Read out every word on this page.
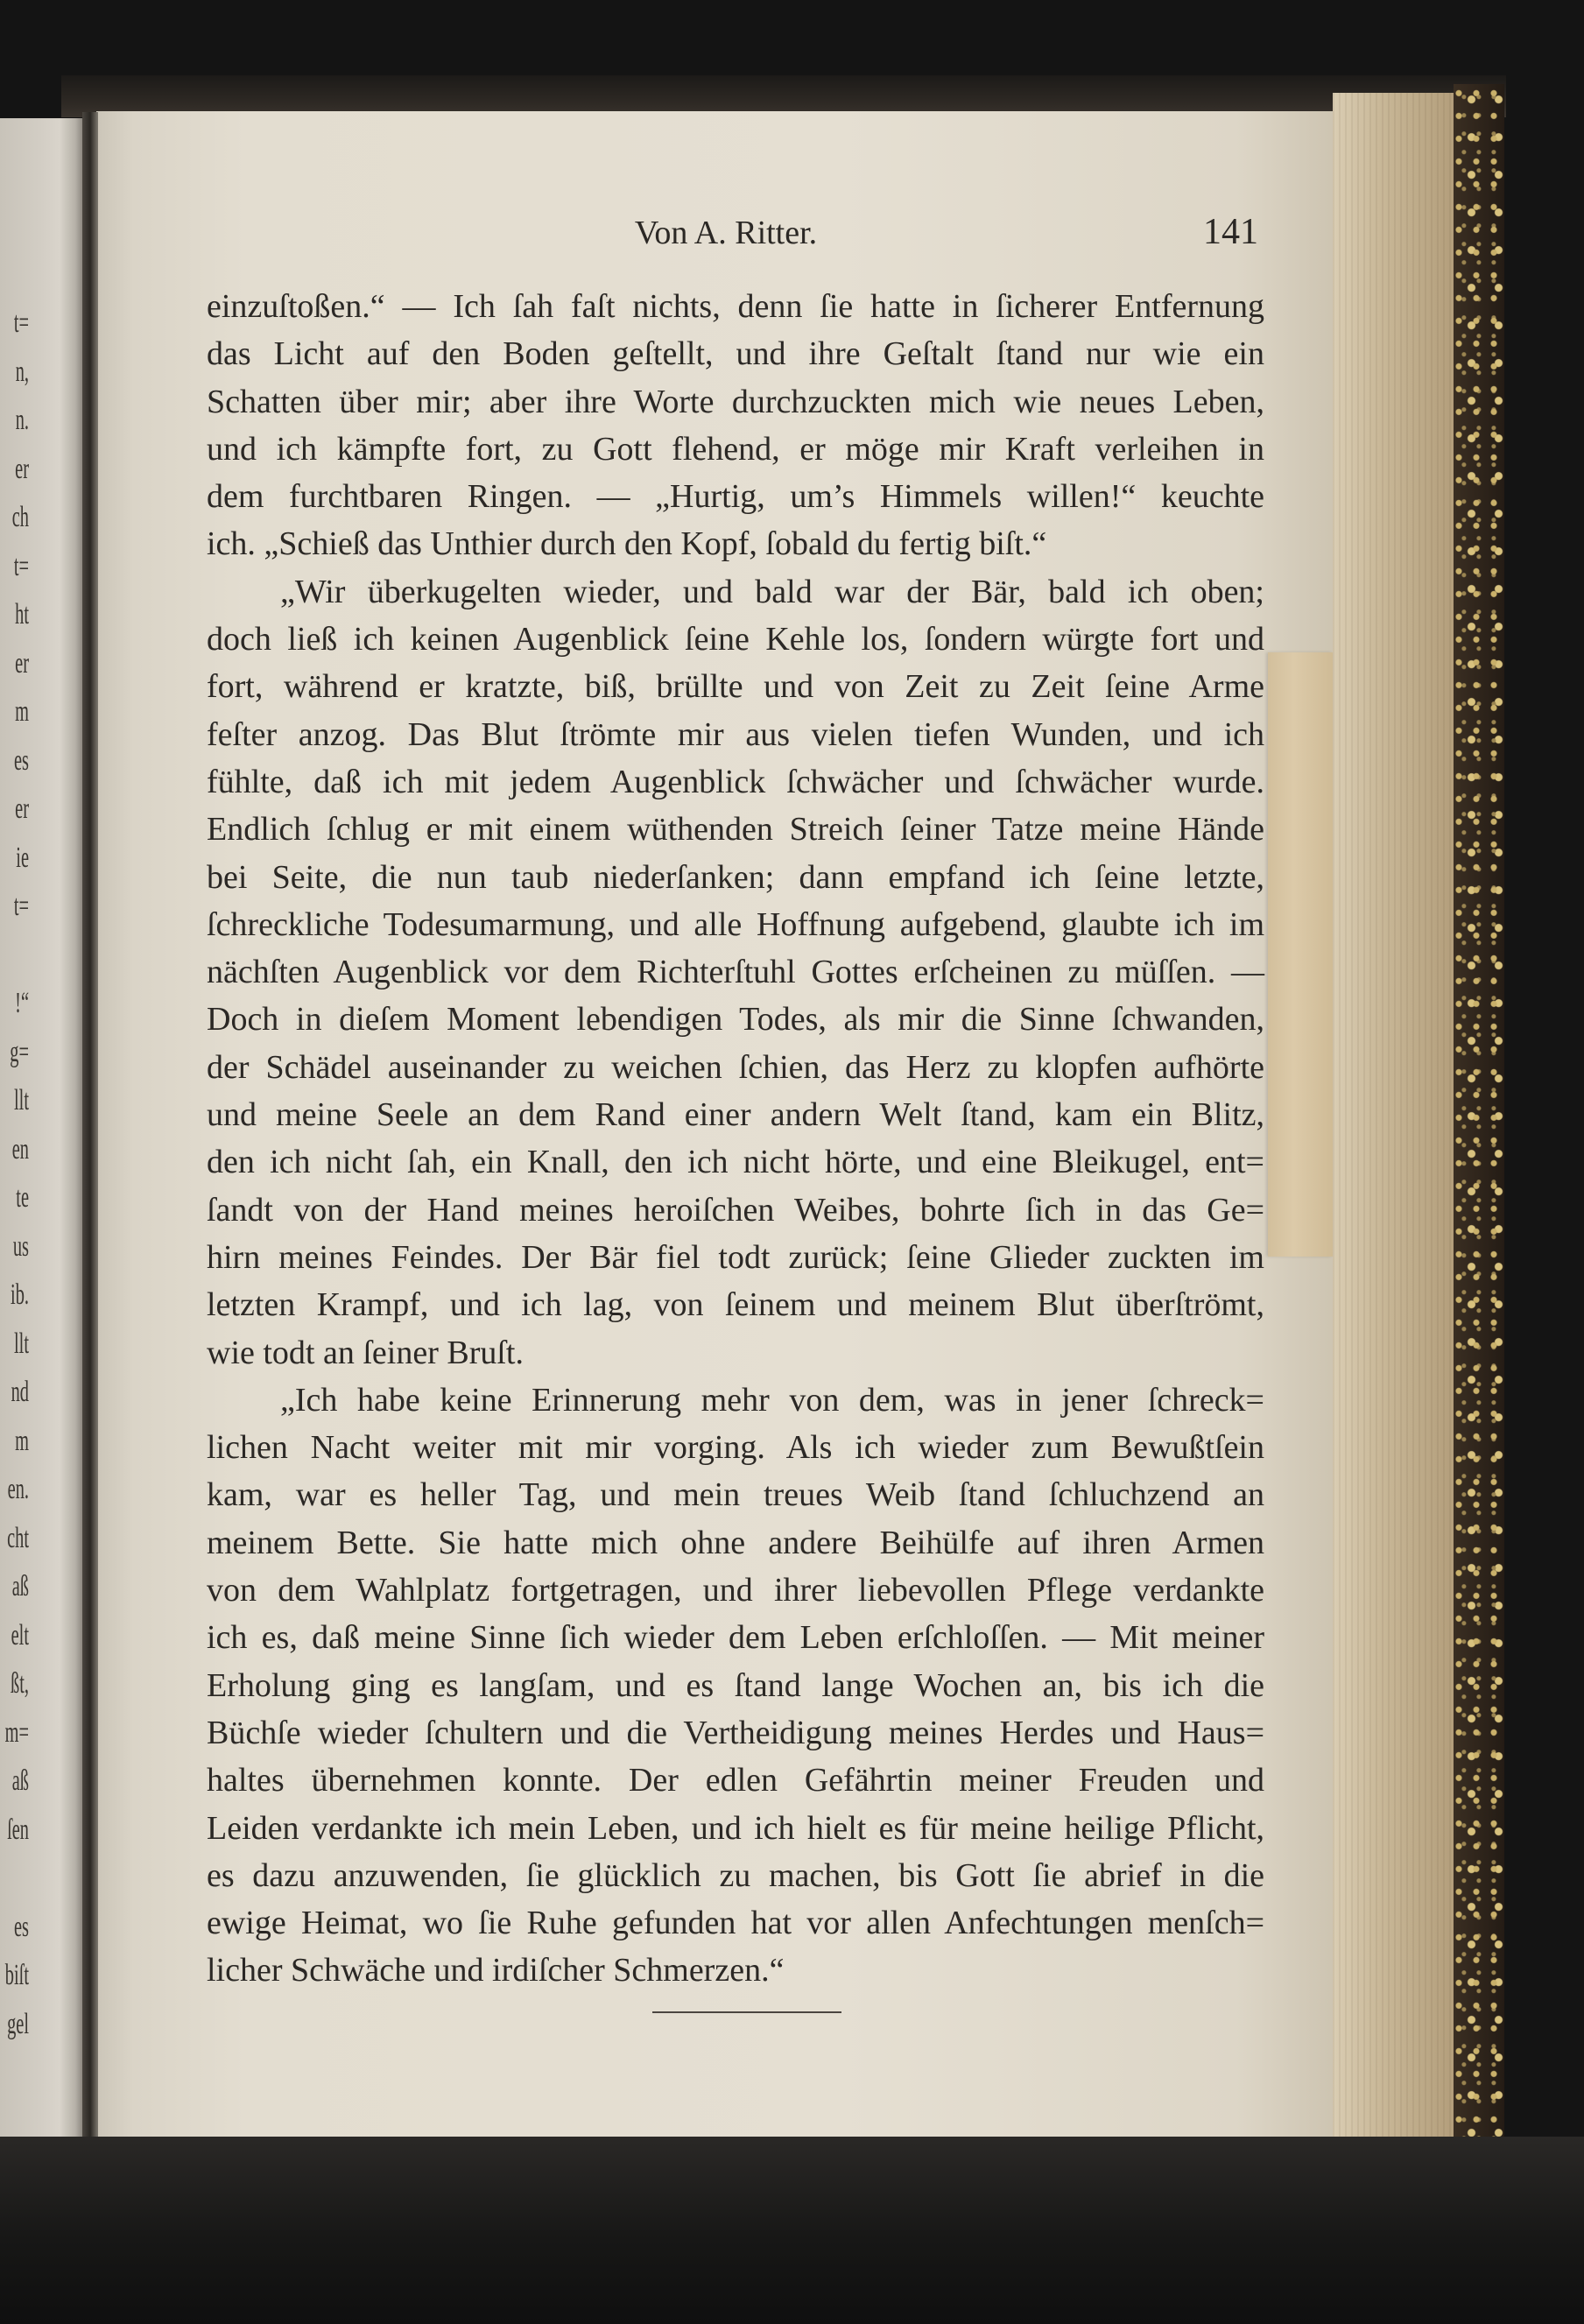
t=
n,
n.
er
ch
t=
ht
er
m
es
er
ie
t=
!“
g=
llt
en
te
us
ib.
llt
nd
m
en.
cht
aß
elt
ßt,
m=
aß
ſen
es
biſt
gel
Von A. Ritter.	141
einzuſtoßen.“ — Ich ſah faſt nichts, denn ſie hatte in ſicherer Entfernung
das Licht auf den Boden geſtellt, und ihre Geſtalt ſtand nur wie ein
Schatten über mir; aber ihre Worte durchzuckten mich wie neues Leben,
und ich kämpfte fort, zu Gott flehend, er möge mir Kraft verleihen in
dem furchtbaren Ringen. — „Hurtig, um’s Himmels willen!“ keuchte
ich. „Schieß das Unthier durch den Kopf, ſobald du fertig biſt.“
„Wir überkugelten wieder, und bald war der Bär, bald ich oben;
doch ließ ich keinen Augenblick ſeine Kehle los, ſondern würgte fort und
fort, während er kratzte, biß, brüllte und von Zeit zu Zeit ſeine Arme
feſter anzog. Das Blut ſtrömte mir aus vielen tiefen Wunden, und ich
fühlte, daß ich mit jedem Augenblick ſchwächer und ſchwächer wurde.
Endlich ſchlug er mit einem wüthenden Streich ſeiner Tatze meine Hände
bei Seite, die nun taub niederſanken; dann empfand ich ſeine letzte,
ſchreckliche Todesumarmung, und alle Hoffnung aufgebend, glaubte ich im
nächſten Augenblick vor dem Richterſtuhl Gottes erſcheinen zu müſſen. —
Doch in dieſem Moment lebendigen Todes, als mir die Sinne ſchwanden,
der Schädel auseinander zu weichen ſchien, das Herz zu klopfen aufhörte
und meine Seele an dem Rand einer andern Welt ſtand, kam ein Blitz,
den ich nicht ſah, ein Knall, den ich nicht hörte, und eine Bleikugel, ent=
ſandt von der Hand meines heroiſchen Weibes, bohrte ſich in das Ge=
hirn meines Feindes. Der Bär fiel todt zurück; ſeine Glieder zuckten im
letzten Krampf, und ich lag, von ſeinem und meinem Blut überſtrömt,
wie todt an ſeiner Bruſt.
„Ich habe keine Erinnerung mehr von dem, was in jener ſchreck=
lichen Nacht weiter mit mir vorging. Als ich wieder zum Bewußtſein
kam, war es heller Tag, und mein treues Weib ſtand ſchluchzend an
meinem Bette. Sie hatte mich ohne andere Beihülfe auf ihren Armen
von dem Wahlplatz fortgetragen, und ihrer liebevollen Pflege verdankte
ich es, daß meine Sinne ſich wieder dem Leben erſchloſſen. — Mit meiner
Erholung ging es langſam, und es ſtand lange Wochen an, bis ich die
Büchſe wieder ſchultern und die Vertheidigung meines Herdes und Haus=
haltes übernehmen konnte. Der edlen Gefährtin meiner Freuden und
Leiden verdankte ich mein Leben, und ich hielt es für meine heilige Pflicht,
es dazu anzuwenden, ſie glücklich zu machen, bis Gott ſie abrief in die
ewige Heimat, wo ſie Ruhe gefunden hat vor allen Anfechtungen menſch=
licher Schwäche und irdiſcher Schmerzen.“
